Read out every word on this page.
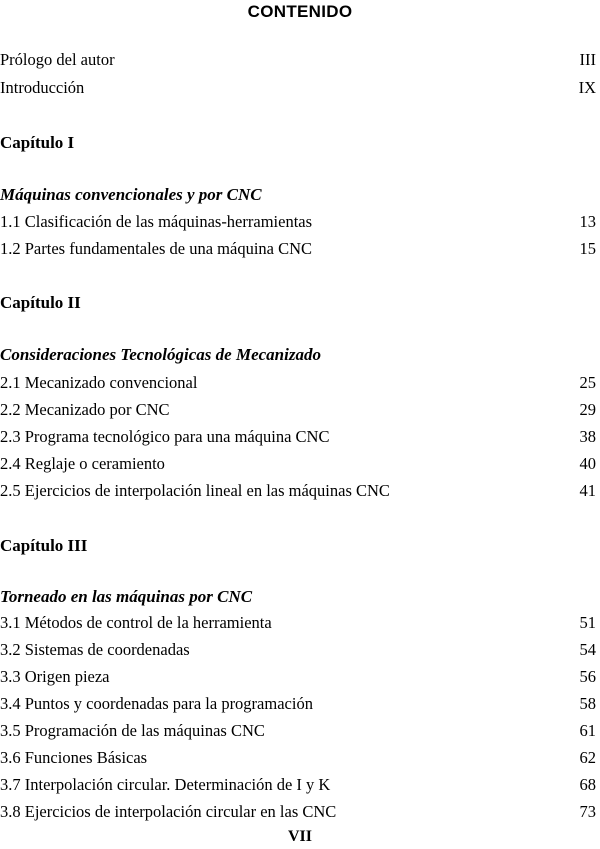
CONTENIDO
Prólogo del autor	III
Introducción	IX
Capítulo I
Máquinas convencionales y por CNC
1.1 Clasificación de las máquinas-herramientas	13
1.2 Partes fundamentales de una máquina CNC	15
Capítulo II
Consideraciones Tecnológicas de Mecanizado
2.1 Mecanizado convencional	25
2.2 Mecanizado por CNC	29
2.3 Programa tecnológico para una máquina CNC	38
2.4 Reglaje o ceramiento	40
2.5 Ejercicios de interpolación lineal en las máquinas CNC	41
Capítulo III
Torneado en las máquinas por CNC
3.1 Métodos de control de la herramienta	51
3.2 Sistemas de coordenadas	54
3.3 Origen pieza	56
3.4 Puntos y coordenadas para la programación	58
3.5 Programación de las máquinas CNC	61
3.6 Funciones Básicas	62
3.7 Interpolación circular. Determinación de I y K	68
3.8 Ejercicios de interpolación circular en las CNC	73
VII
